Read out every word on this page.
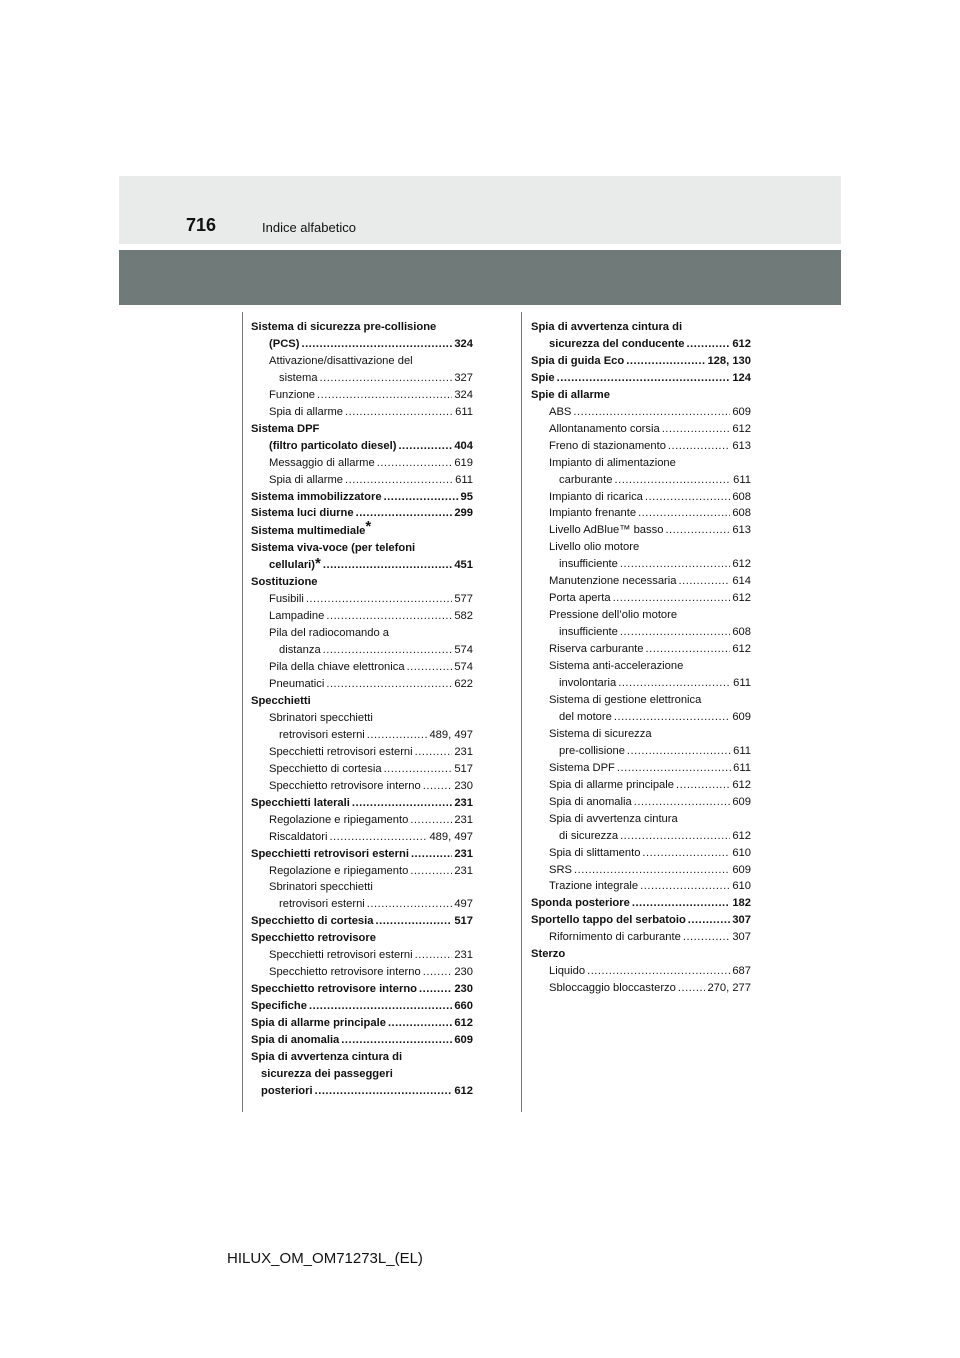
716	Indice alfabetico
Sistema di sicurezza pre-collisione
(PCS) .....	324
Attivazione/disattivazione del
sistema .....	327
Funzione .....	324
Spia di allarme .....	611
Sistema DPF
(filtro particolato diesel) .....	404
Messaggio di allarme .....	619
Spia di allarme .....	611
Sistema immobilizzatore .....	95
Sistema luci diurne .....	299
Sistema multimediale*
Sistema viva-voce (per telefoni
cellulari) * .....	451
Sostituzione
Fusibili .....	577
Lampadine .....	582
Pila del radiocomando a
distanza .....	574
Pila della chiave elettronica .....	574
Pneumatici .....	622
Specchietti
Sbrinatori specchietti
retrovisori esterni .....	489, 497
Specchietti retrovisori esterni .....	231
Specchietto di cortesia .....	517
Specchietto retrovisore interno .....	230
Specchietti laterali .....	231
Regolazione e ripiegamento .....	231
Riscaldatori .....	489, 497
Specchietti retrovisori esterni .....	231
Regolazione e ripiegamento .....	231
Sbrinatori specchietti
retrovisori esterni .....	497
Specchietto di cortesia .....	517
Specchietto retrovisore
Specchietti retrovisori esterni .....	231
Specchietto retrovisore interno .....	230
Specchietto retrovisore interno .....	230
Specifiche .....	660
Spia di allarme principale .....	612
Spia di anomalia .....	609
Spia di avvertenza cintura di
sicurezza dei passeggeri
posteriori .....	612
Spia di avvertenza cintura di
sicurezza del conducente .....	612
Spia di guida Eco .....	128, 130
Spie .....	124
Spie di allarme
ABS .....	609
Allontanamento corsia .....	612
Freno di stazionamento .....	613
Impianto di alimentazione
carburante .....	611
Impianto di ricarica .....	608
Impianto frenante .....	608
Livello AdBlue™ basso .....	613
Livello olio motore
insufficiente .....	612
Manutenzione necessaria .....	614
Porta aperta .....	612
Pressione dell’olio motore
insufficiente .....	608
Riserva carburante .....	612
Sistema anti-accelerazione
involontaria .....	611
Sistema di gestione elettronica
del motore .....	609
Sistema di sicurezza
pre-collisione .....	611
Sistema DPF .....	611
Spia di allarme principale .....	612
Spia di anomalia .....	609
Spia di avvertenza cintura
di sicurezza .....	612
Spia di slittamento .....	610
SRS .....	609
Trazione integrale .....	610
Sponda posteriore .....	182
Sportello tappo del serbatoio .....	307
Rifornimento di carburante .....	307
Sterzo
Liquido .....	687
Sbloccaggio bloccasterzo .....	270, 277
HILUX_OM_OM71273L_(EL)
